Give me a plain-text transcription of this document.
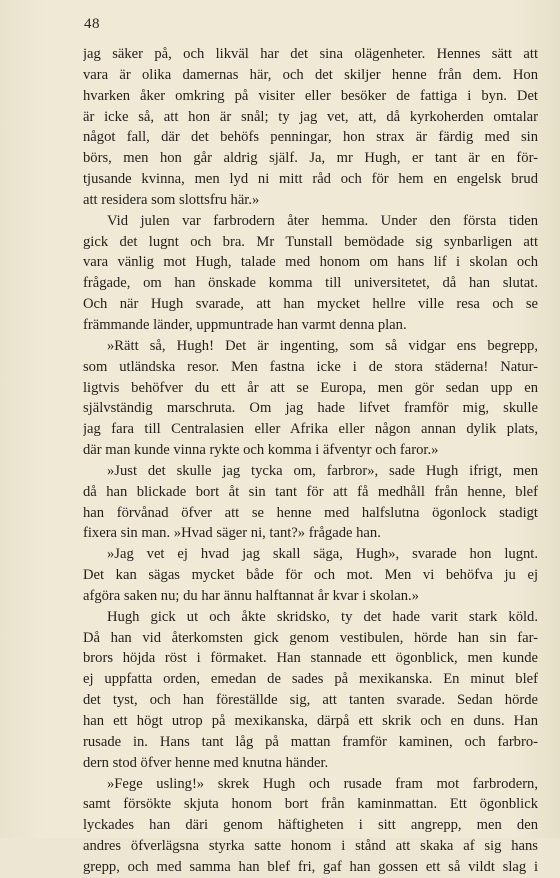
48
jag säker på, och likväl har det sina olägenheter. Hennes sätt att
vara är olika damernas här, och det skiljer henne från dem. Hon
hvarken åker omkring på visiter eller besöker de fattiga i byn. Det
är icke så, att hon är snål; ty jag vet, att, då kyrkoherden omtalar
något fall, där det behöfs penningar, hon strax är färdig med sin
börs, men hon går aldrig själf. Ja, mr Hugh, er tant är en för-
tjusande kvinna, men lyd ni mitt råd och för hem en engelsk brud
att residera som slottsfru här.»
Vid julen var farbrodern åter hemma. Under den första tiden
gick det lugnt och bra. Mr Tunstall bemödade sig synbarligen att
vara vänlig mot Hugh, talade med honom om hans lif i skolan och
frågade, om han önskade komma till universitetet, då han slutat.
Och när Hugh svarade, att han mycket hellre ville resa och se
främmande länder, uppmuntrade han varmt denna plan.
»Rätt så, Hugh! Det är ingenting, som så vidgar ens begrepp,
som utländska resor. Men fastna icke i de stora städerna! Natur-
ligtvis behöfver du ett år att se Europa, men gör sedan upp en
självständig marschruta. Om jag hade lifvet framför mig, skulle
jag fara till Centralasien eller Afrika eller någon annan dylik plats,
där man kunde vinna rykte och komma i äfventyr och faror.»
»Just det skulle jag tycka om, farbror», sade Hugh ifrigt, men
då han blickade bort åt sin tant för att få medhåll från henne, blef
han förvånad öfver att se henne med halfslutna ögonlock stadigt
fixera sin man. »Hvad säger ni, tant?» frågade han.
»Jag vet ej hvad jag skall säga, Hugh», svarade hon lugnt.
Det kan sägas mycket både för och mot. Men vi behöfva ju ej
afgöra saken nu; du har ännu halftannat år kvar i skolan.»
Hugh gick ut och åkte skridsko, ty det hade varit stark köld.
Då han vid återkomsten gick genom vestibulen, hörde han sin far-
brors höjda röst i förmaket. Han stannade ett ögonblick, men kunde
ej uppfatta orden, emedan de sades på mexikanska. En minut blef
det tyst, och han föreställde sig, att tanten svarade. Sedan hörde
han ett högt utrop på mexikanska, därpå ett skrik och en duns. Han
rusade in. Hans tant låg på mattan framför kaminen, och farbro-
dern stod öfver henne med knutna händer.
»Fege usling!» skrek Hugh och rusade fram mot farbrodern,
samt försökte skjuta honom bort från kaminmattan. Ett ögonblick
lyckades han däri genom häftigheten i sitt angrepp, men den
andres öfverlägsna styrka satte honom i stånd att skaka af sig hans
grepp, och med samma han blef fri, gaf han gossen ett så vildt slag i
